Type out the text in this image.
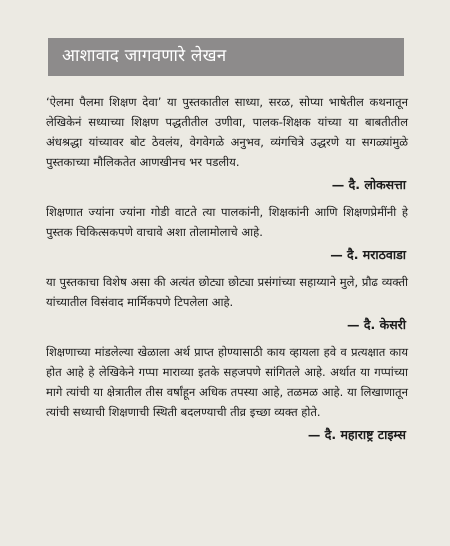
आशावाद जागवणारे लेखन

‘ऐलमा पैलमा शिक्षण देवा’ या पुस्तकातील साध्या, सरळ, सोप्या भाषेतील कथनातून लेखिकेनं सध्याच्या शिक्षण पद्धतीतील उणीवा, पालक-शिक्षक यांच्या या बाबतीतील अंधश्रद्धा यांच्यावर बोट ठेवलंय, वेगवेगळे अनुभव, व्यंगचित्रे उद्धरणे या सगळ्यांमुळे पुस्तकाच्या मौलिकतेत आणखीनच भर पडलीय.

— दै. लोकसत्ता

शिक्षणात ज्यांना ज्यांना गोडी वाटते त्या पालकांनी, शिक्षकांनी आणि शिक्षणप्रेमींनी हे पुस्तक चिकित्सकपणे वाचावे अशा तोलामोलाचे आहे.

— दै. मराठवाडा

या पुस्तकाचा विशेष असा की अत्यंत छोट्या छोट्या प्रसंगांच्या सहाय्याने मुले, प्रौढ व्यक्ती यांच्यातील विसंवाद मार्मिकपणे टिपलेला आहे.

— दै. केसरी

शिक्षणाच्या मांडलेल्या खेळाला अर्थ प्राप्त होण्यासाठी काय व्हायला हवे व प्रत्यक्षात काय होत आहे हे लेखिकेने गप्पा माराव्या इतके सहजपणे सांगितले आहे. अर्थात या गप्पांच्या मागे त्यांची या क्षेत्रातील तीस वर्षांहून अधिक तपस्या आहे, तळमळ आहे. या लिखाणातून त्यांची सध्याची शिक्षणाची स्थिती बदलण्याची तीव्र इच्छा व्यक्त होते.

— दै. महाराष्ट्र टाइम्स
